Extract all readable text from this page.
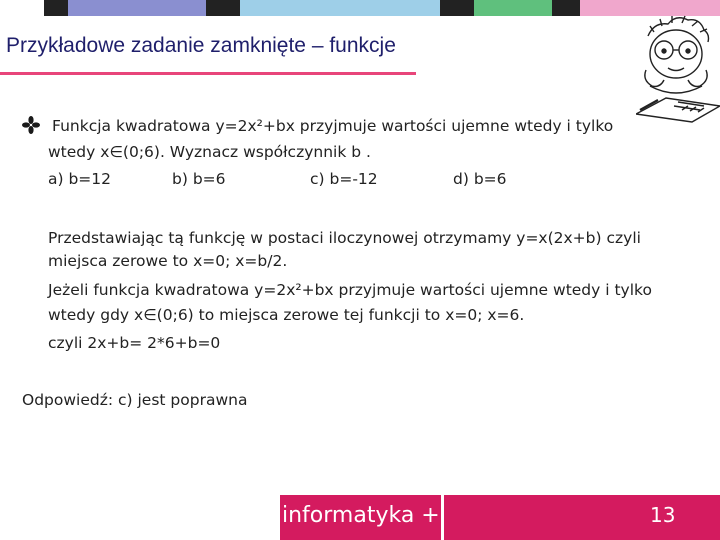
Przykładowe zadanie zamknięte – funkcje
Funkcja kwadratowa y=2x²+bx przyjmuje wartości ujemne wtedy i tylko
wtedy x∈(0;6). Wyznacz współczynnik b .
a) b=12	b) b=6	c) b=-12	d) b=6
Przedstawiając tą funkcję w postaci iloczynowej otrzymamy y=x(2x+b) czyli
miejsca zerowe to x=0; x=b/2.
Jeżeli funkcja kwadratowa y=2x²+bx przyjmuje wartości ujemne wtedy i tylko
wtedy gdy x∈(0;6) to miejsca zerowe tej funkcji to x=0; x=6.
czyli 2x+b= 2*6+b=0
Odpowiedź: c) jest poprawna
informatyka +	13
